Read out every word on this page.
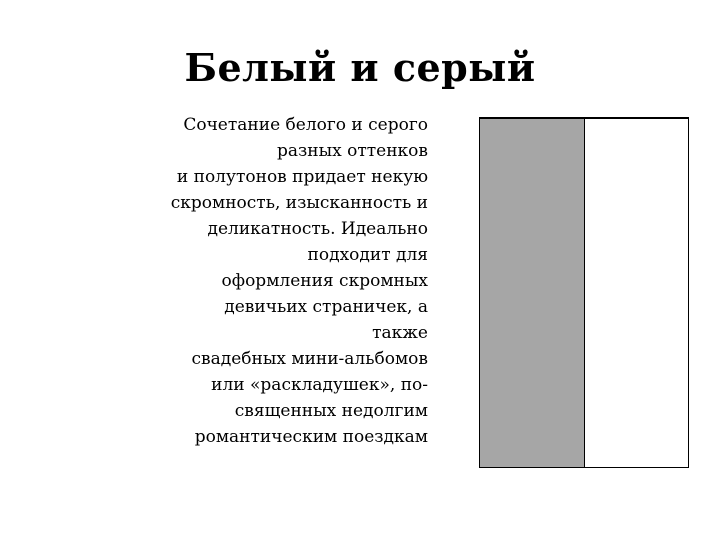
Белый и серый
Сочетание белого и серого
разных оттенков
и полутонов придает некую
скромность, изысканность и
деликатность. Идеально
подходит для
оформления скромных
девичьих страничек, а
также
свадебных мини-альбомов
или «раскладушек», по-
священных недолгим
романтическим поездкам
